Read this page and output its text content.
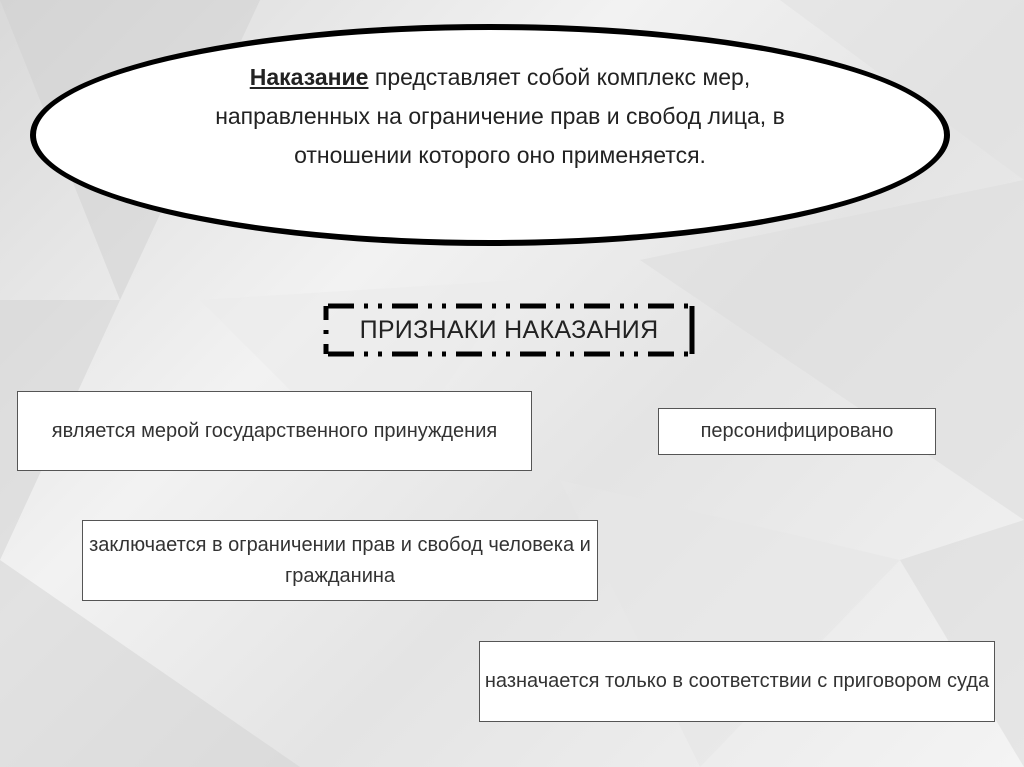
Наказание представляет собой комплекс мер, направленных на ограничение прав и свобод лица, в отношении которого оно применяется.
ПРИЗНАКИ НАКАЗАНИЯ
является мерой государственного принуждения	персонифицировано
заключается в ограничении прав и свобод человека и гражданина
назначается только в соответствии с приговором суда
